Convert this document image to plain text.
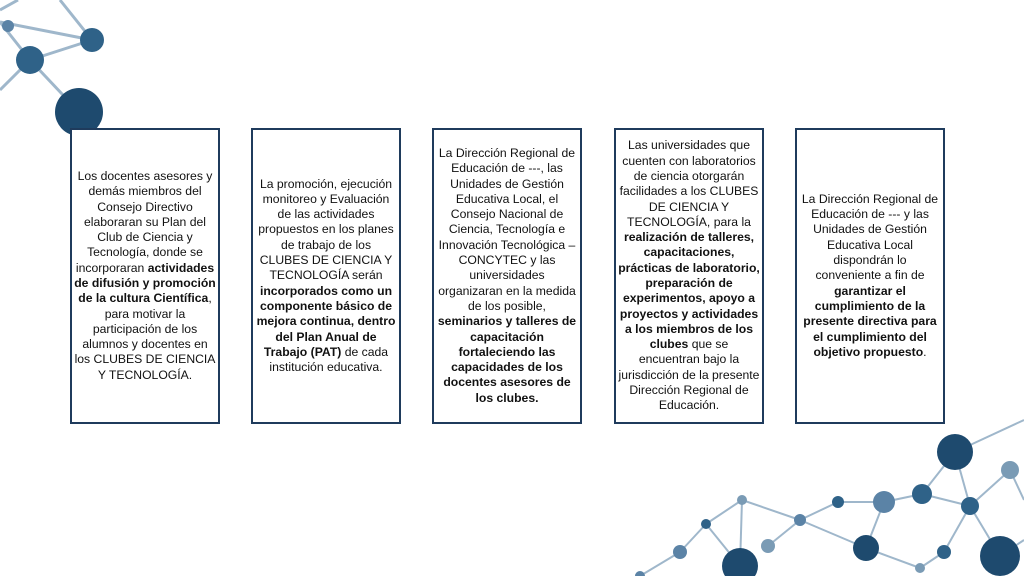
Los docentes asesores y demás miembros del Consejo Directivo elaboraran su Plan del Club de Ciencia y Tecnología, donde se incorporaran actividades de difusión y promoción de la cultura Científica, para motivar la participación de los alumnos y docentes en los CLUBES DE CIENCIA Y TECNOLOGÍA.
La promoción, ejecución monitoreo y Evaluación de las actividades propuestos en los planes de trabajo de los CLUBES DE CIENCIA Y TECNOLOGÍA serán incorporados como un componente básico de mejora continua, dentro del Plan Anual de Trabajo (PAT) de cada institución educativa.
La Dirección Regional de Educación de ---, las Unidades de Gestión Educativa Local, el Consejo Nacional de Ciencia, Tecnología e Innovación Tecnológica – CONCYTEC y las universidades organizaran en la medida de los posible, seminarios y talleres de capacitación fortaleciendo las capacidades de los docentes asesores de los clubes.
Las universidades que cuenten con laboratorios de ciencia otorgarán facilidades a los CLUBES DE CIENCIA Y TECNOLOGÍA, para la realización de talleres, capacitaciones, prácticas de laboratorio, preparación de experimentos, apoyo a proyectos y actividades a los miembros de los clubes que se encuentran bajo la jurisdicción de la presente Dirección Regional de Educación.
La Dirección Regional de Educación de --- y las Unidades de Gestión Educativa Local dispondrán lo conveniente a fin de garantizar el cumplimiento de la presente directiva para el cumplimiento del objetivo propuesto.
